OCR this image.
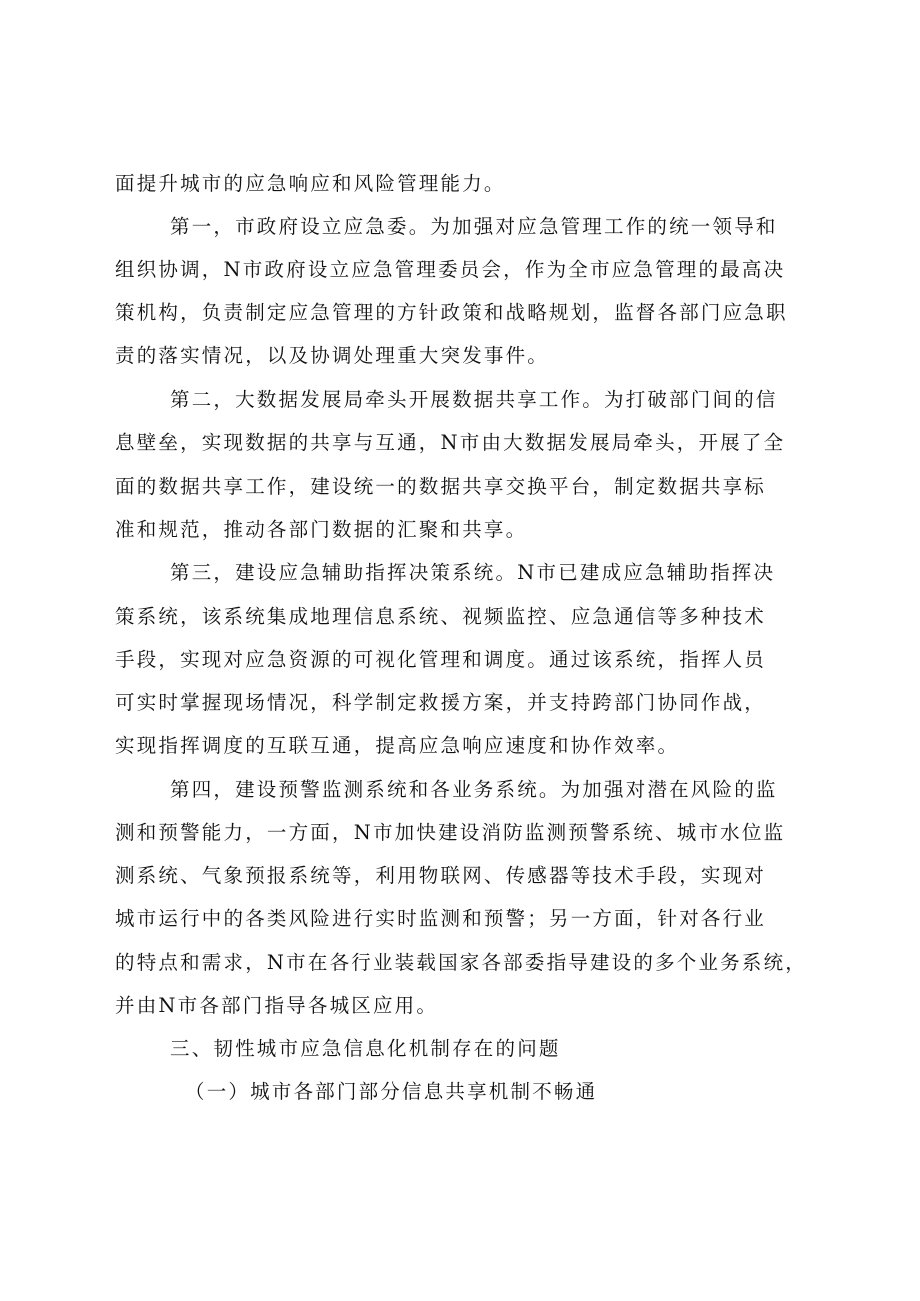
面提升城市的应急响应和风险管理能力。
第一，市政府设立应急委。为加强对应急管理工作的统一领导和
组织协调，N市政府设立应急管理委员会，作为全市应急管理的最高决
策机构，负责制定应急管理的方针政策和战略规划，监督各部门应急职
责的落实情况，以及协调处理重大突发事件。
第二，大数据发展局牵头开展数据共享工作。为打破部门间的信
息壁垒，实现数据的共享与互通，N市由大数据发展局牵头，开展了全
面的数据共享工作，建设统一的数据共享交换平台，制定数据共享标
准和规范，推动各部门数据的汇聚和共享。
第三，建设应急辅助指挥决策系统。N市已建成应急辅助指挥决
策系统，该系统集成地理信息系统、视频监控、应急通信等多种技术
手段，实现对应急资源的可视化管理和调度。通过该系统，指挥人员
可实时掌握现场情况，科学制定救援方案，并支持跨部门协同作战，
实现指挥调度的互联互通，提高应急响应速度和协作效率。
第四，建设预警监测系统和各业务系统。为加强对潜在风险的监
测和预警能力，一方面，N市加快建设消防监测预警系统、城市水位监
测系统、气象预报系统等，利用物联网、传感器等技术手段，实现对
城市运行中的各类风险进行实时监测和预警；另一方面，针对各行业
的特点和需求，N市在各行业装载国家各部委指导建设的多个业务系统，
并由N市各部门指导各城区应用。
三、韧性城市应急信息化机制存在的问题
（一）城市各部门部分信息共享机制不畅通
